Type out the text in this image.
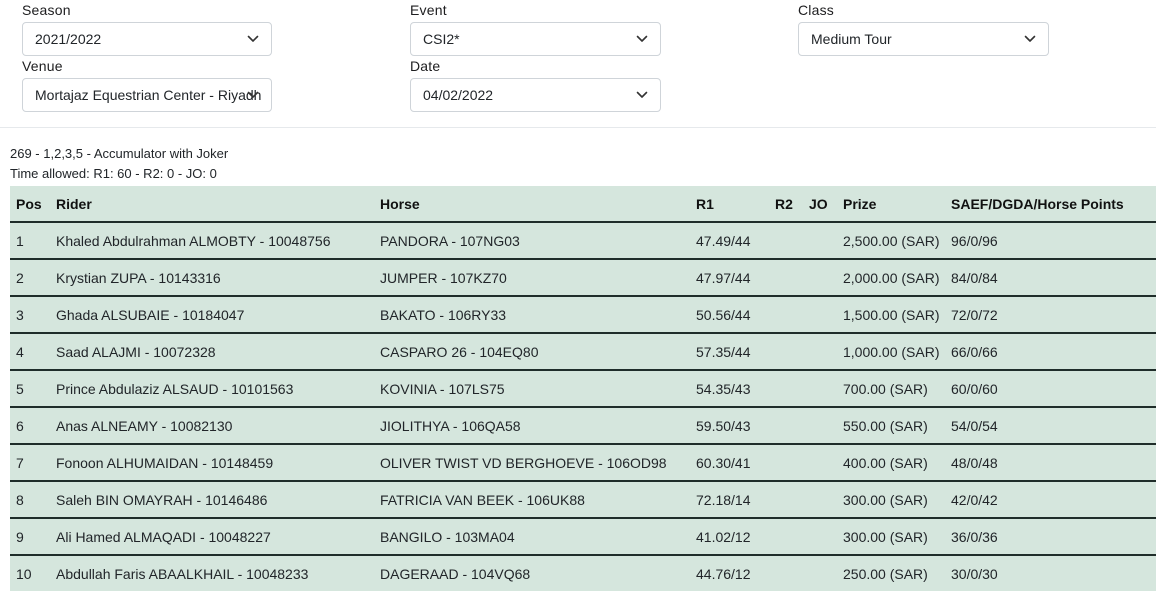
Season
2021/2022
Event
CSI2*
Class
Medium Tour
Venue
Mortajaz Equestrian Center - Riyadh
Date
04/02/2022
269 - 1,2,3,5 - Accumulator with Joker
Time allowed: R1: 60 - R2: 0 - JO: 0
Pos	Rider	Horse	R1	R2	JO	Prize	SAEF/DGDA/Horse Points
1	Khaled Abdulrahman ALMOBTY - 10048756	PANDORA - 107NG03	47.49/44			2,500.00 (SAR)	96/0/96
2	Krystian ZUPA - 10143316	JUMPER - 107KZ70	47.97/44			2,000.00 (SAR)	84/0/84
3	Ghada ALSUBAIE - 10184047	BAKATO - 106RY33	50.56/44			1,500.00 (SAR)	72/0/72
4	Saad ALAJMI - 10072328	CASPARO 26 - 104EQ80	57.35/44			1,000.00 (SAR)	66/0/66
5	Prince Abdulaziz ALSAUD - 10101563	KOVINIA - 107LS75	54.35/43			700.00 (SAR)	60/0/60
6	Anas ALNEAMY - 10082130	JIOLITHYA - 106QA58	59.50/43			550.00 (SAR)	54/0/54
7	Fonoon ALHUMAIDAN - 10148459	OLIVER TWIST VD BERGHOEVE - 106OD98	60.30/41			400.00 (SAR)	48/0/48
8	Saleh BIN OMAYRAH - 10146486	FATRICIA VAN BEEK - 106UK88	72.18/14			300.00 (SAR)	42/0/42
9	Ali Hamed ALMAQADI - 10048227	BANGILO - 103MA04	41.02/12			300.00 (SAR)	36/0/36
10	Abdullah Faris ABAALKHAIL - 10048233	DAGERAAD - 104VQ68	44.76/12			250.00 (SAR)	30/0/30
